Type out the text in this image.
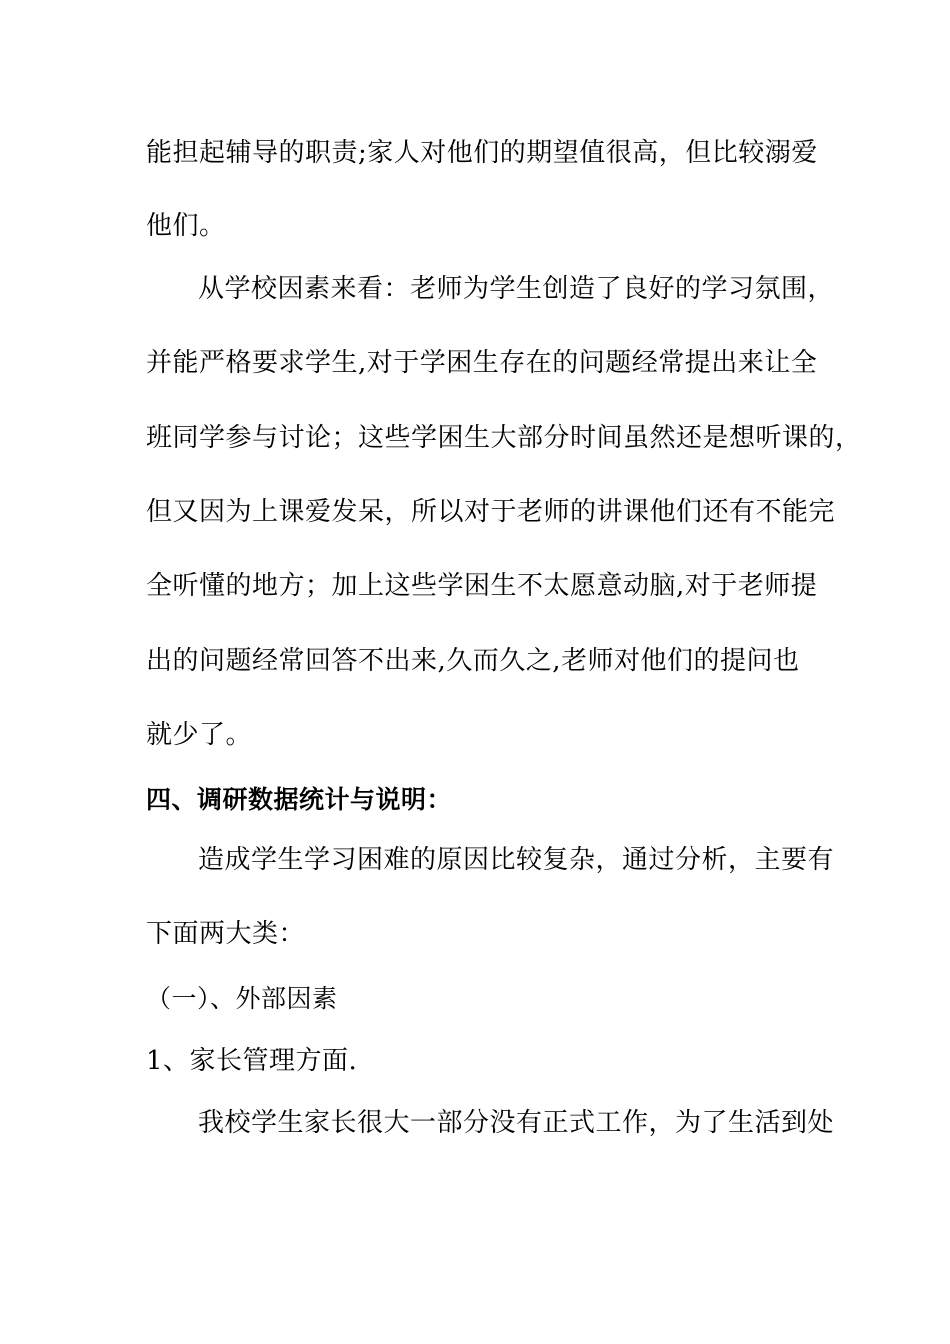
能担起辅导的职责;家人对他们的期望值很高，但比较溺爱
他们。
从学校因素来看：老师为学生创造了良好的学习氛围，
并能严格要求学生,对于学困生存在的问题经常提出来让全
班同学参与讨论；这些学困生大部分时间虽然还是想听课的，
但又因为上课爱发呆，所以对于老师的讲课他们还有不能完
全听懂的地方；加上这些学困生不太愿意动脑,对于老师提
出的问题经常回答不出来,久而久之,老师对他们的提问也
就少了。
四、调研数据统计与说明：
造成学生学习困难的原因比较复杂，通过分析，主要有
下面两大类：
（一）、外部因素
1、家长管理方面.
我校学生家长很大一部分没有正式工作，为了生活到处
